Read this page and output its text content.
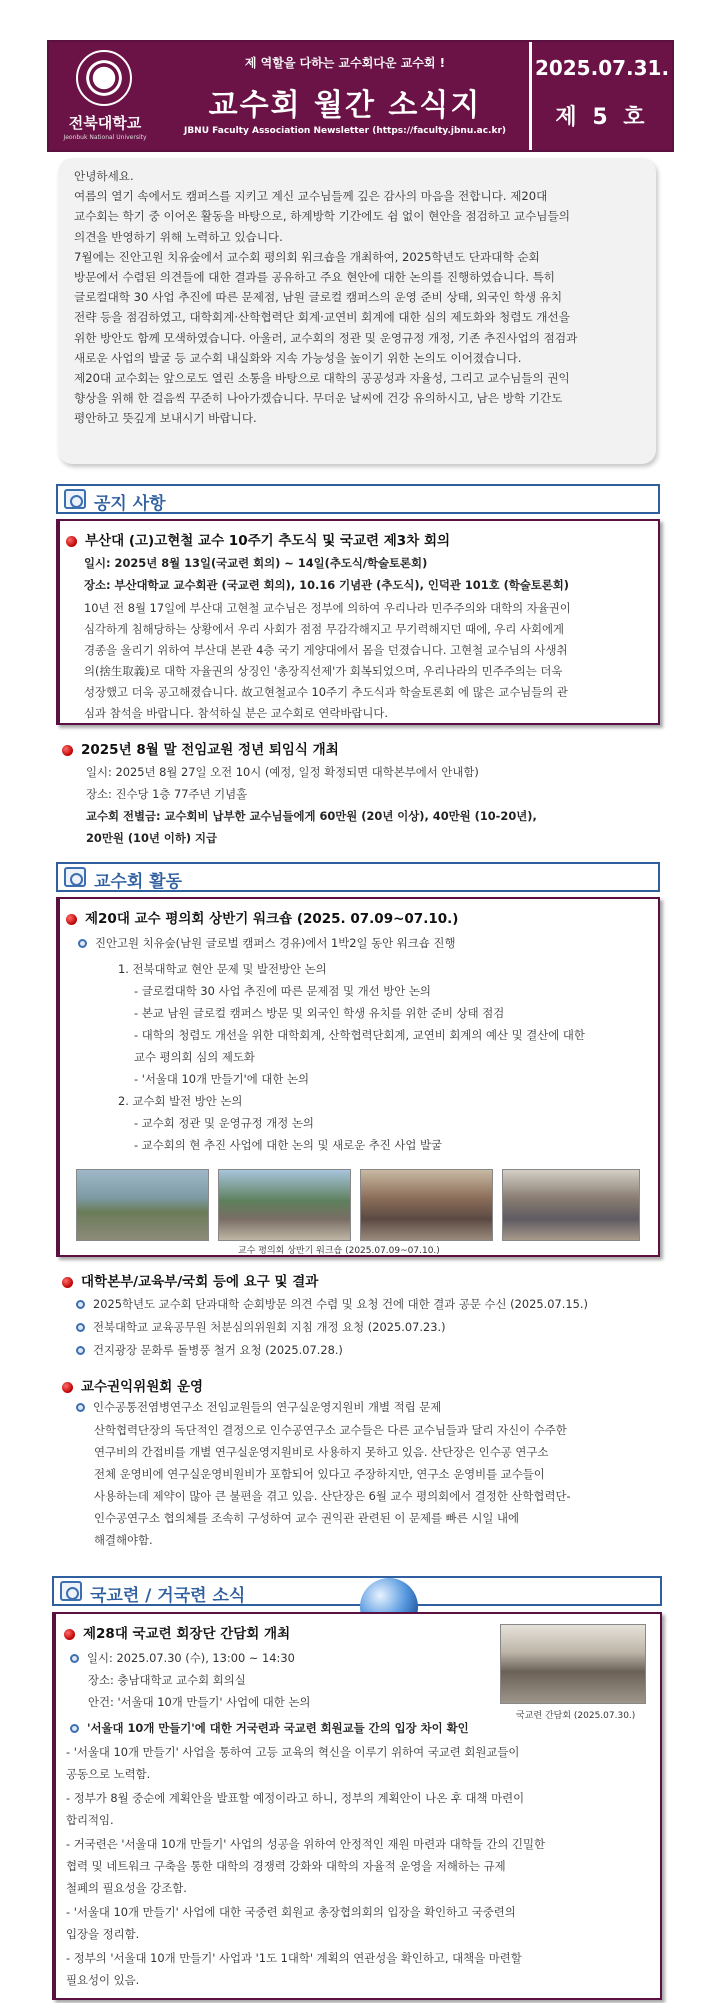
전북대학교
Jeonbuk National University
제 역할을 다하는 교수회다운 교수회 !
교수회 월간 소식지
JBNU Faculty Association Newsletter (https://faculty.jbnu.ac.kr)
2025.07.31.
제 5 호

안녕하세요.

여름의 열기 속에서도 캠퍼스를 지키고 계신 교수님들께 깊은 감사의 마음을 전합니다. 제20대

교수회는 학기 중 이어온 활동을 바탕으로, 하계방학 기간에도 쉼 없이 현안을 점검하고 교수님들의

의견을 반영하기 위해 노력하고 있습니다.

7월에는 진안고원 치유숲에서 교수회 평의회 워크숍을 개최하여, 2025학년도 단과대학 순회

방문에서 수렴된 의견들에 대한 결과를 공유하고 주요 현안에 대한 논의를 진행하였습니다. 특히

글로컬대학 30 사업 추진에 따른 문제점, 남원 글로컬 캠퍼스의 운영 준비 상태, 외국인 학생 유치

전략 등을 점검하였고, 대학회계·산학협력단 회계·교연비 회계에 대한 심의 제도화와 청렴도 개선을

위한 방안도 함께 모색하였습니다. 아울러, 교수회의 정관 및 운영규정 개정, 기존 추진사업의 점검과

새로운 사업의 발굴 등 교수회 내실화와 지속 가능성을 높이기 위한 논의도 이어졌습니다.

제20대 교수회는 앞으로도 열린 소통을 바탕으로 대학의 공공성과 자율성, 그리고 교수님들의 권익

향상을 위해 한 걸음씩 꾸준히 나아가겠습니다. 무더운 날씨에 건강 유의하시고, 남은 방학 기간도

평안하고 뜻깊게 보내시기 바랍니다.

공지 사항
부산대 (고)고현철 교수 10주기 추도식 및 국교련 제3차 회의
일시: 2025년 8월 13일(국교련 회의) ~ 14일(추도식/학술토론회)
장소: 부산대학교 교수회관 (국교련 회의), 10.16 기념관 (추도식), 인덕관 101호 (학술토론회)
10년 전 8월 17일에 부산대 고현철 교수님은 정부에 의하여 우리나라 민주주의와 대학의 자율권이
심각하게 침해당하는 상황에서 우리 사회가 점점 무감각해지고 무기력해지던 때에, 우리 사회에게
경종을 울리기 위하여 부산대 본관 4층 국기 게양대에서 몸을 던졌습니다. 고현철 교수님의 사생취
의(捨生取義)로 대학 자율권의 상징인 '총장직선제'가 회복되었으며, 우리나라의 민주주의는 더욱
성장했고 더욱 공고해졌습니다. 故고현철교수 10주기 추도식과 학술토론회 에 많은 교수님들의 관
심과 참석을 바랍니다. 참석하실 분은 교수회로 연락바랍니다.
2025년 8월 말 전임교원 정년 퇴임식 개최
일시: 2025년 8월 27일 오전 10시 (예정, 일정 확정되면 대학본부에서 안내함)
장소: 진수당 1층 77주년 기념홀
교수회 전별금: 교수회비 납부한 교수님들에게 60만원 (20년 이상), 40만원 (10-20년),
20만원 (10년 이하) 지급
교수회 활동
제20대 교수 평의회 상반기 워크숍 (2025. 07.09~07.10.)
진안고원 치유숲(남원 글로벌 캠퍼스 경유)에서 1박2일 동안 워크숍 진행
1. 전북대학교 현안 문제 및 발전방안 논의
- 글로컬대학 30 사업 추진에 따른 문제점 및 개선 방안 논의
- 본교 남원 글로컬 캠퍼스 방문 및 외국인 학생 유치를 위한 준비 상태 점검
- 대학의 청렴도 개선을 위한 대학회계, 산학협력단회계, 교연비 회계의 예산 및 결산에 대한
교수 평의회 심의 제도화
- '서울대 10개 만들기'에 대한 논의
2. 교수회 발전 방안 논의
- 교수회 정관 및 운영규정 개정 논의
- 교수회의 현 추진 사업에 대한 논의 및 새로운 추진 사업 발굴
교수 평의회 상반기 워크숍 (2025.07.09~07.10.)
대학본부/교육부/국회 등에 요구 및 결과
2025학년도 교수회 단과대학 순회방문 의견 수렴 및 요청 건에 대한 결과 공문 수신 (2025.07.15.)
전북대학교 교육공무원 처분심의위원회 지침 개정 요청 (2025.07.23.)
건지광장 문화루 돌병풍 철거 요청 (2025.07.28.)
교수권익위원회 운영
인수공통전염병연구소 전임교원들의 연구실운영지원비 개별 적립 문제
산학협력단장의 독단적인 결정으로 인수공연구소 교수들은 다른 교수님들과 달리 자신이 수주한
연구비의 간접비를 개별 연구실운영지원비로 사용하지 못하고 있음. 산단장은 인수공 연구소
전체 운영비에 연구실운영비원비가 포함되어 있다고 주장하지만, 연구소 운영비를 교수들이
사용하는데 제약이 많아 큰 불편을 겪고 있음. 산단장은 6월 교수 평의회에서 결정한 산학협력단-
인수공연구소 협의체를 조속히 구성하여 교수 권익관 관련된 이 문제를 빠른 시일 내에
해결해야함.
국교련 / 거국련 소식
제28대 국교련 회장단 간담회 개최
일시: 2025.07.30 (수), 13:00 ~ 14:30
장소: 충남대학교 교수회 회의실
안건: '서울대 10개 만들기' 사업에 대한 논의
국교련 간담회 (2025.07.30.)
'서울대 10개 만들기'에 대한 거국련과 국교련 회원교들 간의 입장 차이 확인
- '서울대 10개 만들기' 사업을 통하여 고등 교육의 혁신을 이루기 위하여 국교련 회원교들이
공동으로 노력함.
- 정부가 8월 중순에 계획안을 발표할 예정이라고 하니, 정부의 계획안이 나온 후 대책 마련이
합리적임.
- 거국련은 '서울대 10개 만들기' 사업의 성공을 위하여 안정적인 재원 마련과 대학들 간의 긴밀한
협력 및 네트워크 구축을 통한 대학의 경쟁력 강화와 대학의 자율적 운영을 저해하는 규제
철폐의 필요성을 강조함.
- '서울대 10개 만들기' 사업에 대한 국중련 회원교 총장협의회의 입장을 확인하고 국중련의
입장을 정리함.
- 정부의 '서울대 10개 만들기' 사업과 '1도 1대학' 계획의 연관성을 확인하고, 대책을 마련할
필요성이 있음.
